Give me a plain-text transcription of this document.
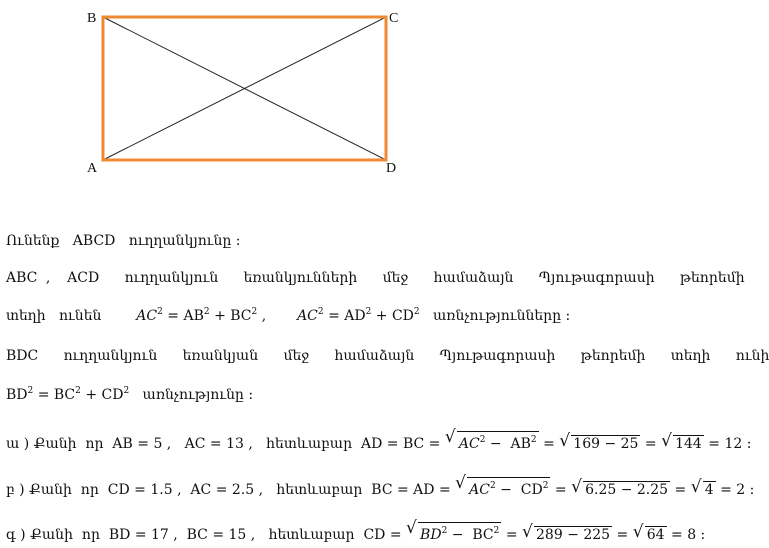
B	C
A	D
Ունենք   ABCD   ուղղանկյունը :
ABC ,  ACD   ուղղանկյուն   եռանկյունների   մեջ   համաձայն   Պյութագորասի   թեորեմի
տեղի   ունեն $AC^2 = AB^2 + BC^2$ , $AC^2 = AD^2 + CD^2$   առնչությունները :
BDC   ուղղանկյուն   եռանկյան   մեջ   համաձայն   Պյութագորասի   թեորեմի   տեղի   ունի
$BD^2 = BC^2 + CD^2$   առնչությունը :
ա ) Քանի  որ  AB = 5 ,   AC = 13 ,   հետևաբար  AD = BC = √ $AC^2 - AB^2$ = √ 169 − 25 = √ 144 = 12 :
բ ) Քանի  որ  CD = 1.5 ,  AC = 2.5 ,   հետևաբար  BC = AD = √ $AC^2 - CD^2$ = √ 6.25 − 2.25 = √ 4 = 2 :
գ ) Քանի  որ  BD = 17 ,  BC = 15 ,   հետևաբար  CD = √ $BD^2 - BC^2$ = √ 289 − 225 = √ 64 = 8 :
